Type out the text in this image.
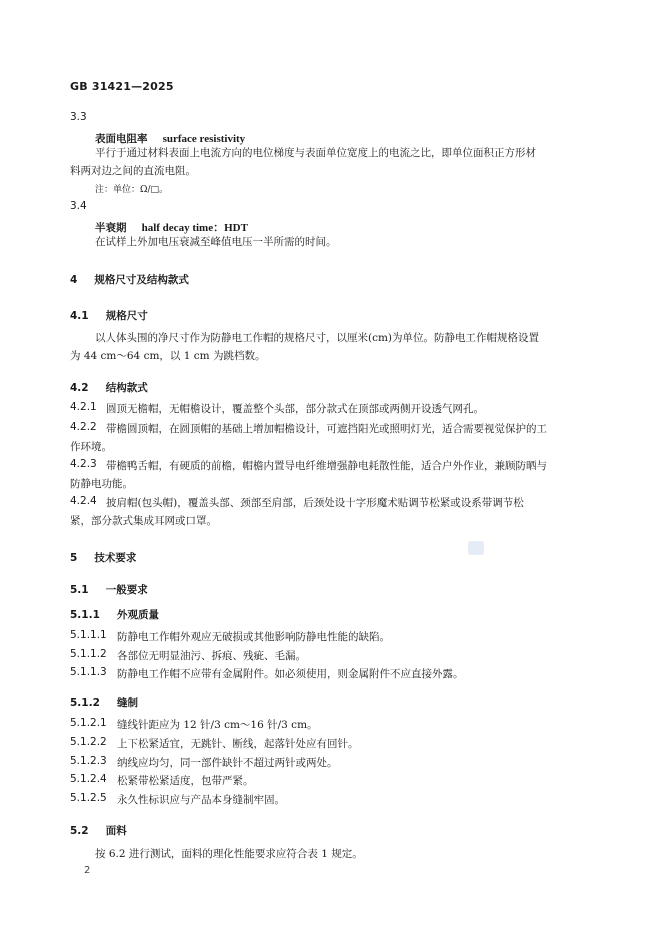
GB 31421—2025
3.3
表面电阻率 surface resistivity
平行于通过材料表面上电流方向的电位梯度与表面单位宽度上的电流之比，即单位面积正方形材
料两对边之间的直流电阻。
注：单位：Ω/□。
3.4
半衰期 half decay time：HDT
在试样上外加电压衰减至峰值电压一半所需的时间。
4 规格尺寸及结构款式
4.1 规格尺寸
以人体头围的净尺寸作为防静电工作帽的规格尺寸，以厘米(cm)为单位。防静电工作帽规格设置
为 44 cm～64 cm，以 1 cm 为跳档数。
4.2 结构款式
4.2.1 圆顶无檐帽，无帽檐设计，覆盖整个头部，部分款式在顶部或两侧开设透气网孔。
4.2.2 带檐圆顶帽，在圆顶帽的基础上增加帽檐设计，可遮挡阳光或照明灯光，适合需要视觉保护的工
作环境。
4.2.3 带檐鸭舌帽，有硬质的前檐，帽檐内置导电纤维增强静电耗散性能，适合户外作业，兼顾防晒与
防静电功能。
4.2.4 披肩帽(包头帽)，覆盖头部、颈部至肩部，后颈处设十字形魔术贴调节松紧或设系带调节松
紧，部分款式集成耳网或口罩。
5 技术要求
5.1 一般要求
5.1.1 外观质量
5.1.1.1 防静电工作帽外观应无破损或其他影响防静电性能的缺陷。
5.1.1.2 各部位无明显油污、拆痕、残疵、毛漏。
5.1.1.3 防静电工作帽不应带有金属附件。如必须使用，则金属附件不应直接外露。
5.1.2 缝制
5.1.2.1 缝线针距应为 12 针/3 cm～16 针/3 cm。
5.1.2.2 上下松紧适宜，无跳针、断线，起落针处应有回针。
5.1.2.3 纳线应均匀，同一部件缺针不超过两针或两处。
5.1.2.4 松紧带松紧适度，包带严紧。
5.1.2.5 永久性标识应与产品本身缝制牢固。
5.2 面料
按 6.2 进行测试，面料的理化性能要求应符合表 1 规定。
2
